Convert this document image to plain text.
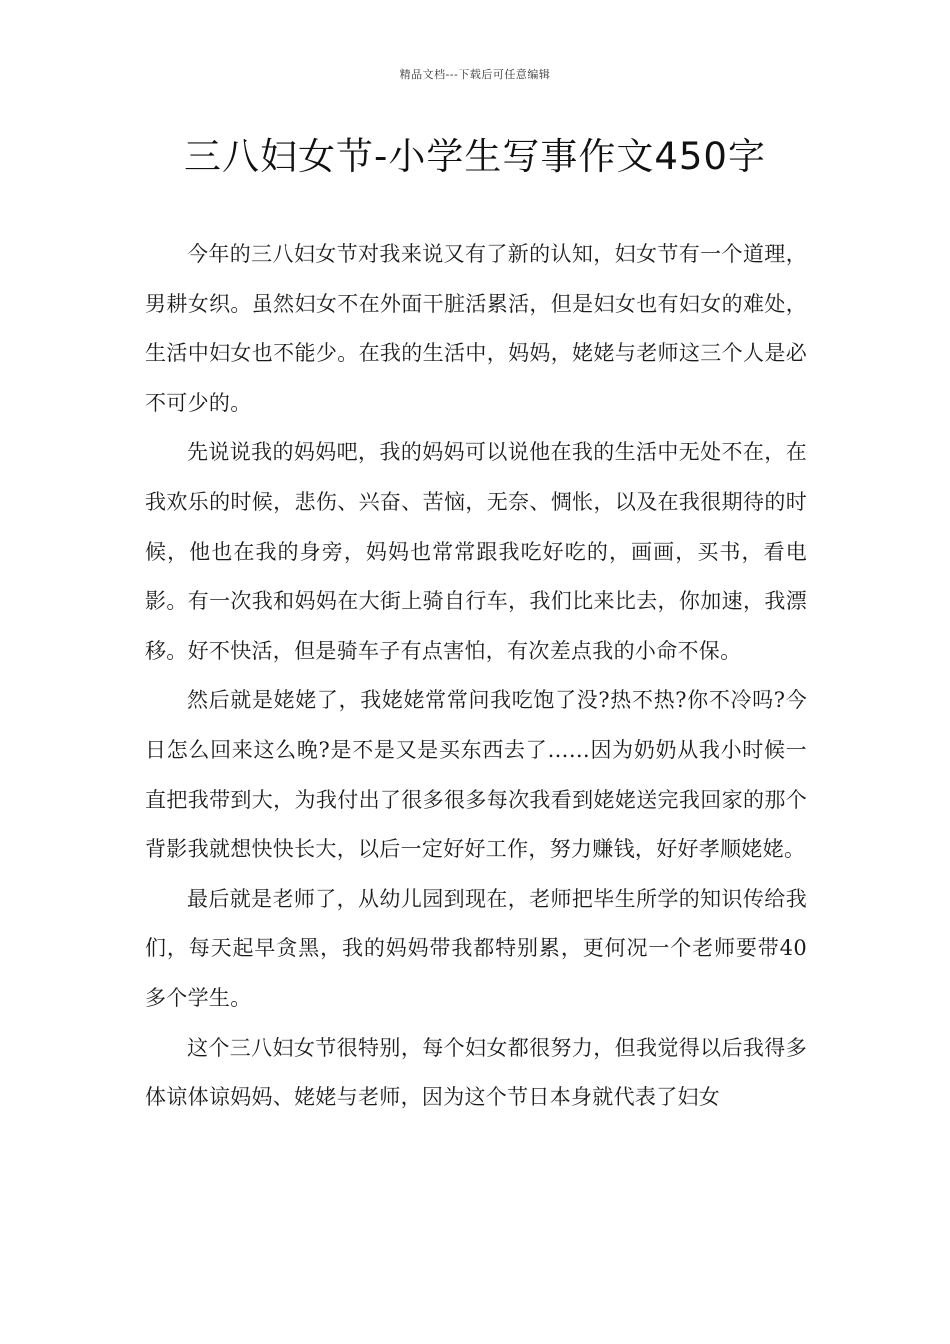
精品文档---下载后可任意编辑
三八妇女节-小学生写事作文450字

今年的三八妇女节对我来说又有了新的认知，妇女节有一个道理，男耕女织。虽然妇女不在外面干脏活累活，但是妇女也有妇女的难处，生活中妇女也不能少。在我的生活中，妈妈，姥姥与老师这三个人是必不可少的。

先说说我的妈妈吧，我的妈妈可以说他在我的生活中无处不在，在我欢乐的时候，悲伤、兴奋、苦恼，无奈、惆怅，以及在我很期待的时候，他也在我的身旁，妈妈也常常跟我吃好吃的，画画，买书，看电影。有一次我和妈妈在大街上骑自行车，我们比来比去，你加速，我漂移。好不快活，但是骑车子有点害怕，有次差点我的小命不保。

然后就是姥姥了，我姥姥常常问我吃饱了没?热不热?你不冷吗?今日怎么回来这么晚?是不是又是买东西去了……因为奶奶从我小时候一直把我带到大，为我付出了很多很多每次我看到姥姥送完我回家的那个背影我就想快快长大，以后一定好好工作，努力赚钱，好好孝顺姥姥。

最后就是老师了，从幼儿园到现在，老师把毕生所学的知识传给我们，每天起早贪黑，我的妈妈带我都特别累，更何况一个老师要带40多个学生。

这个三八妇女节很特别，每个妇女都很努力，但我觉得以后我得多体谅体谅妈妈、姥姥与老师，因为这个节日本身就代表了妇女
